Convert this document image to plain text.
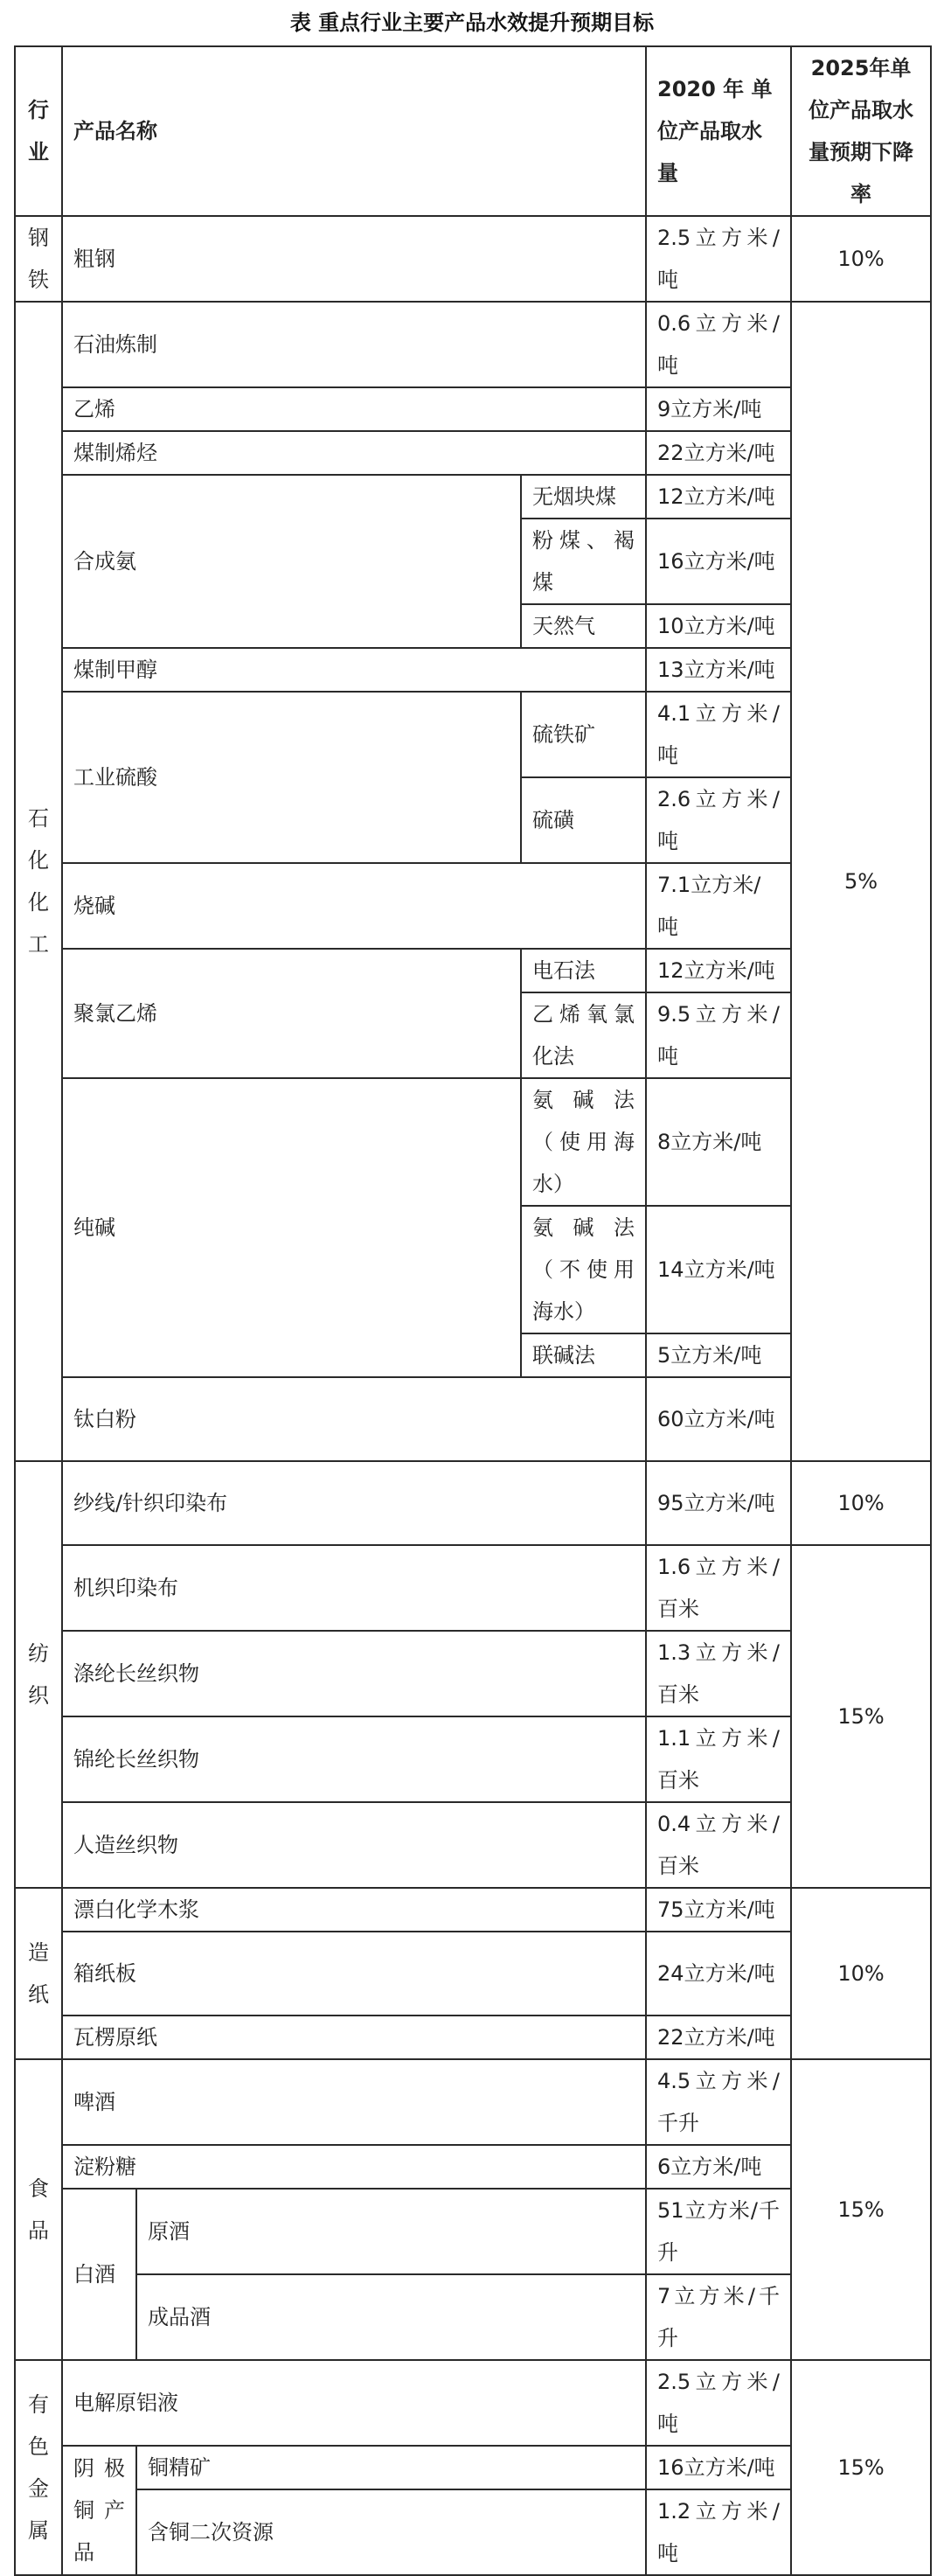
表 重点行业主要产品水效提升预期目标
行业	产品名称			2020 年 单位产品取水量	2025年单位产品取水量预期下降率
钢铁	粗钢			2.5立方米/吨	10%
石化化工	石油炼制			0.6立方米/吨	5%
	乙烯			9立方米/吨	
	煤制烯烃			22立方米/吨	
	合成氨		无烟块煤	12立方米/吨	
			粉煤、褐煤	16立方米/吨	
			天然气	10立方米/吨	
	煤制甲醇			13立方米/吨	
	工业硫酸		硫铁矿	4.1立方米/吨	
			硫磺	2.6立方米/吨	
	烧碱			7.1立方米/吨	
	聚氯乙烯		电石法	12立方米/吨	
			乙烯氧氯化法	9.5立方米/吨	
	纯碱		氨碱法（使用海水）	8立方米/吨	
			氨碱法（不使用海水）	14立方米/吨	
			联碱法	5立方米/吨	
	钛白粉			60立方米/吨	

纺织	纱线/针织印染布			95立方米/吨	10%
	机织印染布			1.6立方米/百米	15%
	涤纶长丝织物			1.3立方米/百米	
	锦纶长丝织物			1.1立方米/百米	
	人造丝织物			0.4立方米/百米	
造纸	漂白化学木浆			75立方米/吨	10%
	箱纸板			24立方米/吨	
	瓦楞原纸			22立方米/吨	
食品	啤酒			4.5立方米/千升	15%
	淀粉糖			6立方米/吨	
	白酒	原酒		51立方米/千升	
		成品酒		7立方米/千升	
有色金属	电解原铝液			2.5立方米/吨	15%
	阴极铜产品	铜精矿		16立方米/吨	
		含铜二次资源		1.2立方米/吨	
